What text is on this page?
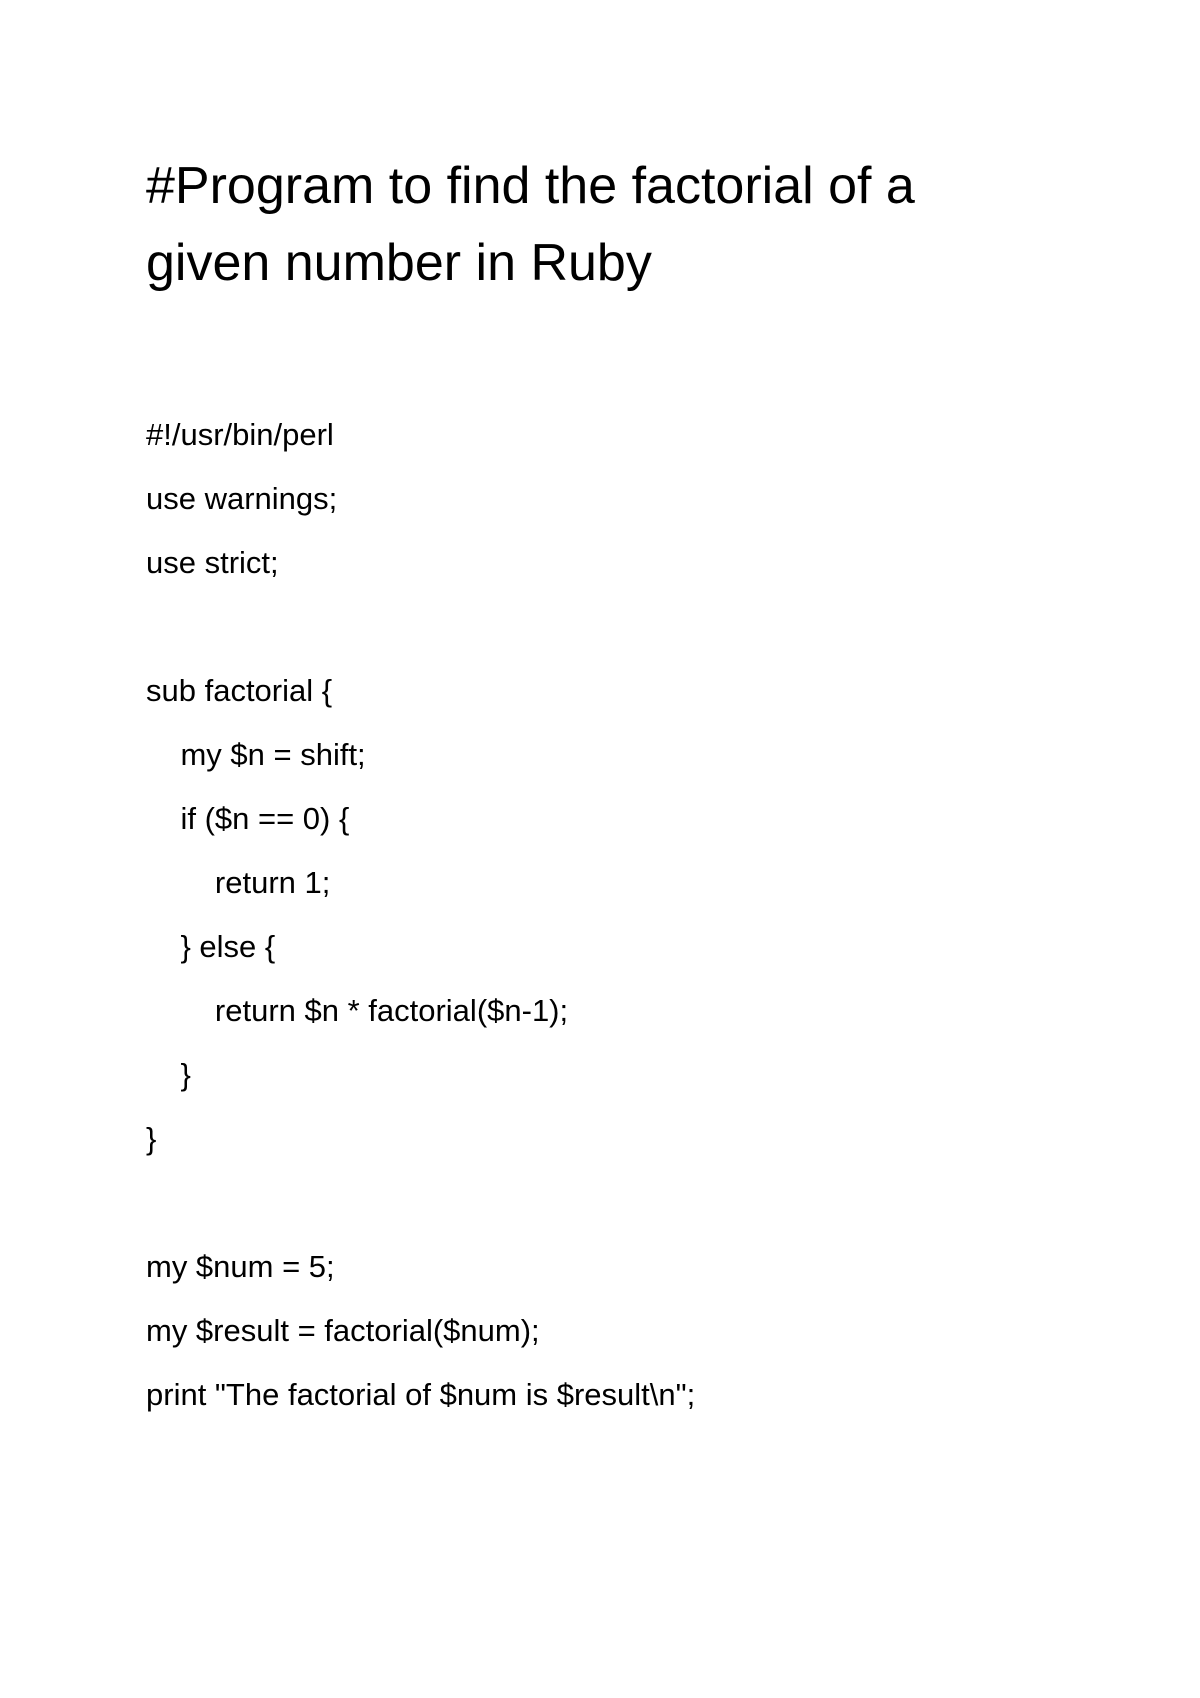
#Program to find the factorial of a
given number in Ruby
#!/usr/bin/perl
use warnings;
use strict;
sub factorial {
my $n = shift;
if ($n == 0) {
return 1;
} else {
return $n * factorial($n-1);
}
}
my $num = 5;
my $result = factorial($num);
print "The factorial of $num is $result\n";
